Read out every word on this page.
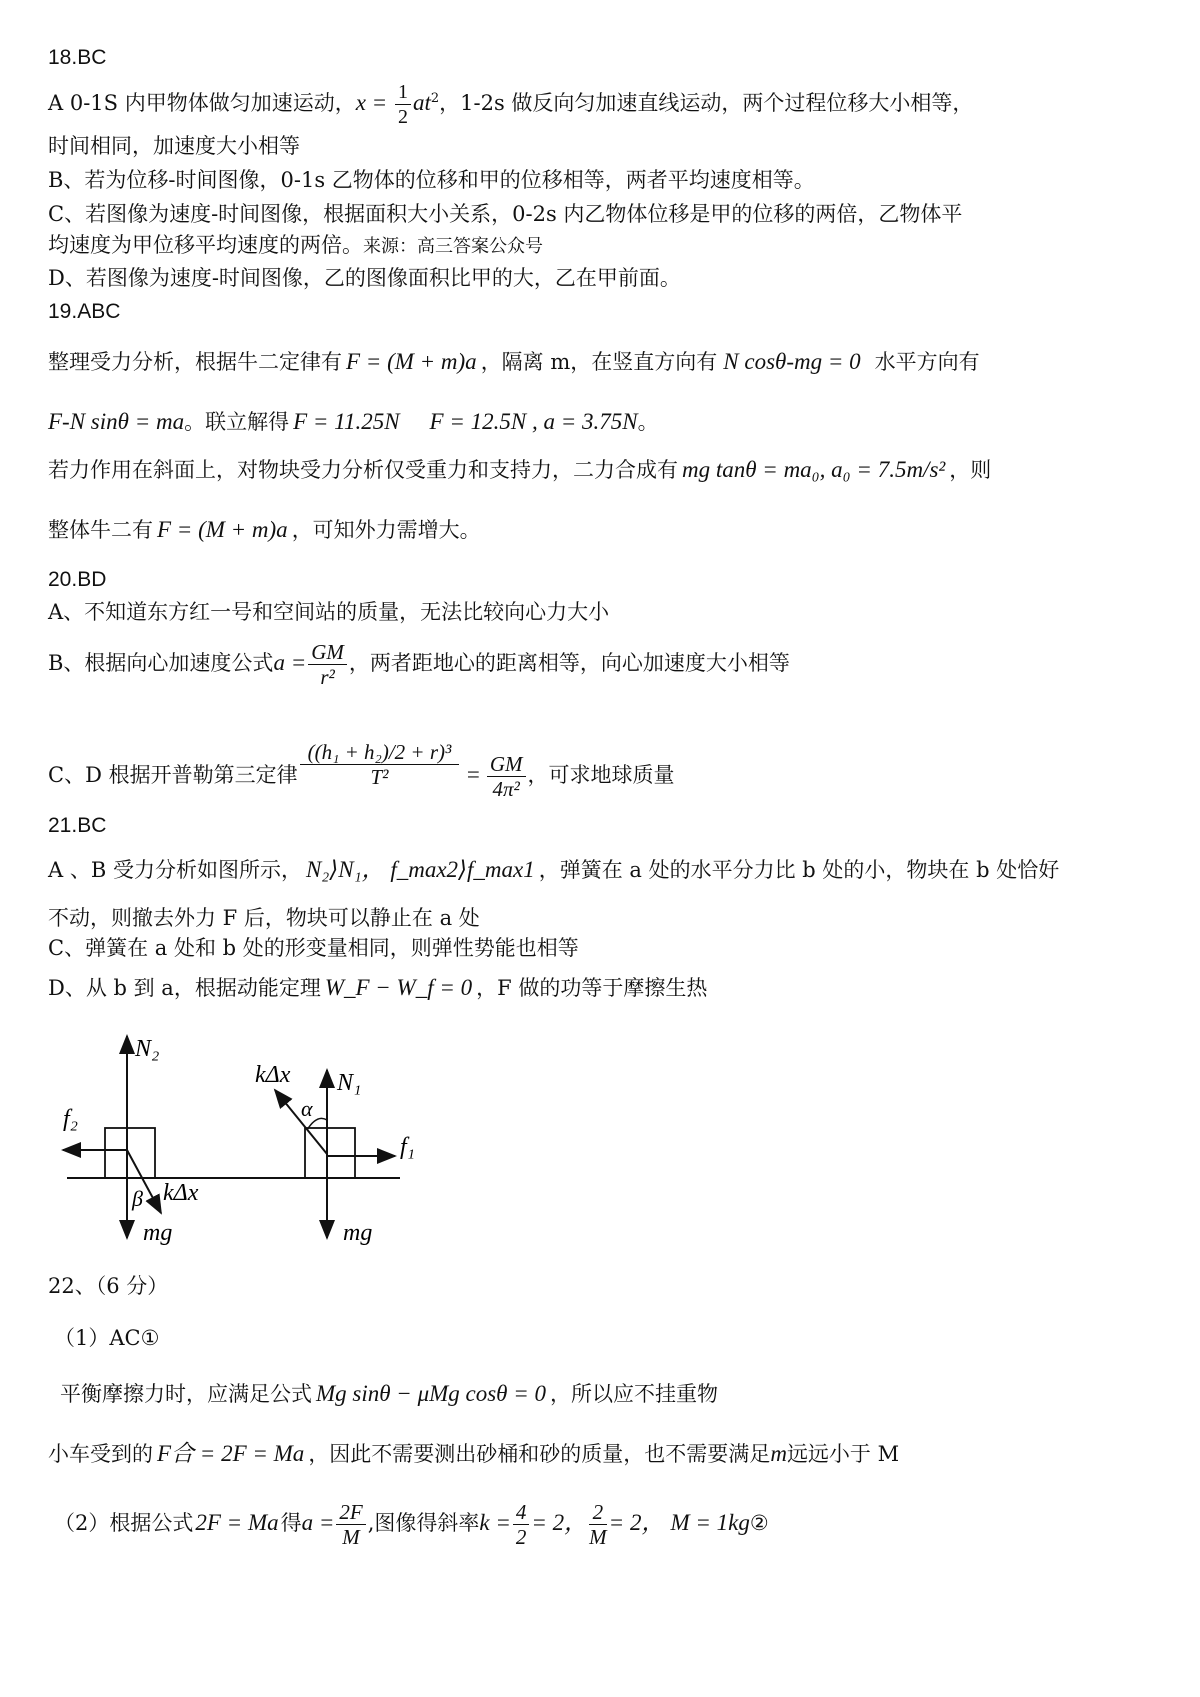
18.BC
A 0-1S 内甲物体做匀加速运动，$x = \frac{1}{2} at^2$，1-2s 做反向匀加速直线运动，两个过程位移大小相等，
时间相同，加速度大小相等
B、若为位移-时间图像，0-1s 乙物体的位移和甲的位移相等，两者平均速度相等。
C、若图像为速度-时间图像，根据面积大小关系，0-2s 内乙物体位移是甲的位移的两倍，乙物体平
均速度为甲位移平均速度的两倍。来源：高三答案公众号
D、若图像为速度-时间图像，乙的图像面积比甲的大，乙在甲前面。
19.ABC
整理受力分析，根据牛二定律有 F = (M + m)a ，隔离 m，在竖直方向有 N cosθ-mg = 0 水平方向有
F-N sinθ = ma。联立解得 F = 11.25N F = 12.5N , a = 3.75N。
若力作用在斜面上，对物块受力分析仅受重力和支持力，二力合成有 mg tanθ = ma₀, a₀ = 7.5m/s² ，则
整体牛二有 F = (M + m)a ，可知外力需增大。
20.BD
A、不知道东方红一号和空间站的质量，无法比较向心力大小
B、根据向心加速度公式$a = \frac{GM}{\text{r²}}$ ，两者距地心的距离相等，向心加速度大小相等
C、D 根据开普勒第三定律 $\frac{\text{((h₁ + h₂)/2 + r)³}}{\text{T²}} = \frac{GM}{\text{4π²}}$ ，可求地球质量
21.BC
A 、B 受力分析如图所示， N₂⟩N₁， f_max2⟩f_max1 ，弹簧在 a 处的水平分力比 b 处的小，物块在 b 处恰好
不动，则撤去外力 F 后，物块可以静止在 a 处
C、弹簧在 a 处和 b 处的形变量相同，则弹性势能也相等
D、从 b 到 a，根据动能定理 W_F − W_f = 0 ，F 做的功等于摩擦生热
N₂
f₂
β kΔx
mg
kΔx N₁
α
f₁
mg
22、（6 分）
（1）AC①
平衡摩擦力时，应满足公式 Mg sinθ − μMg cosθ = 0 ，所以应不挂重物
小车受到的 F合 = 2F = Ma ，因此不需要测出砂桶和砂的质量，也不需要满足m远远小于 M
（2）根据公式2F = Ma得$a = \frac{2F}{M}$ ,图像得斜率$k = \frac{4}{2} = 2$， $\frac{2}{M} = 2$， M = 1kg②
